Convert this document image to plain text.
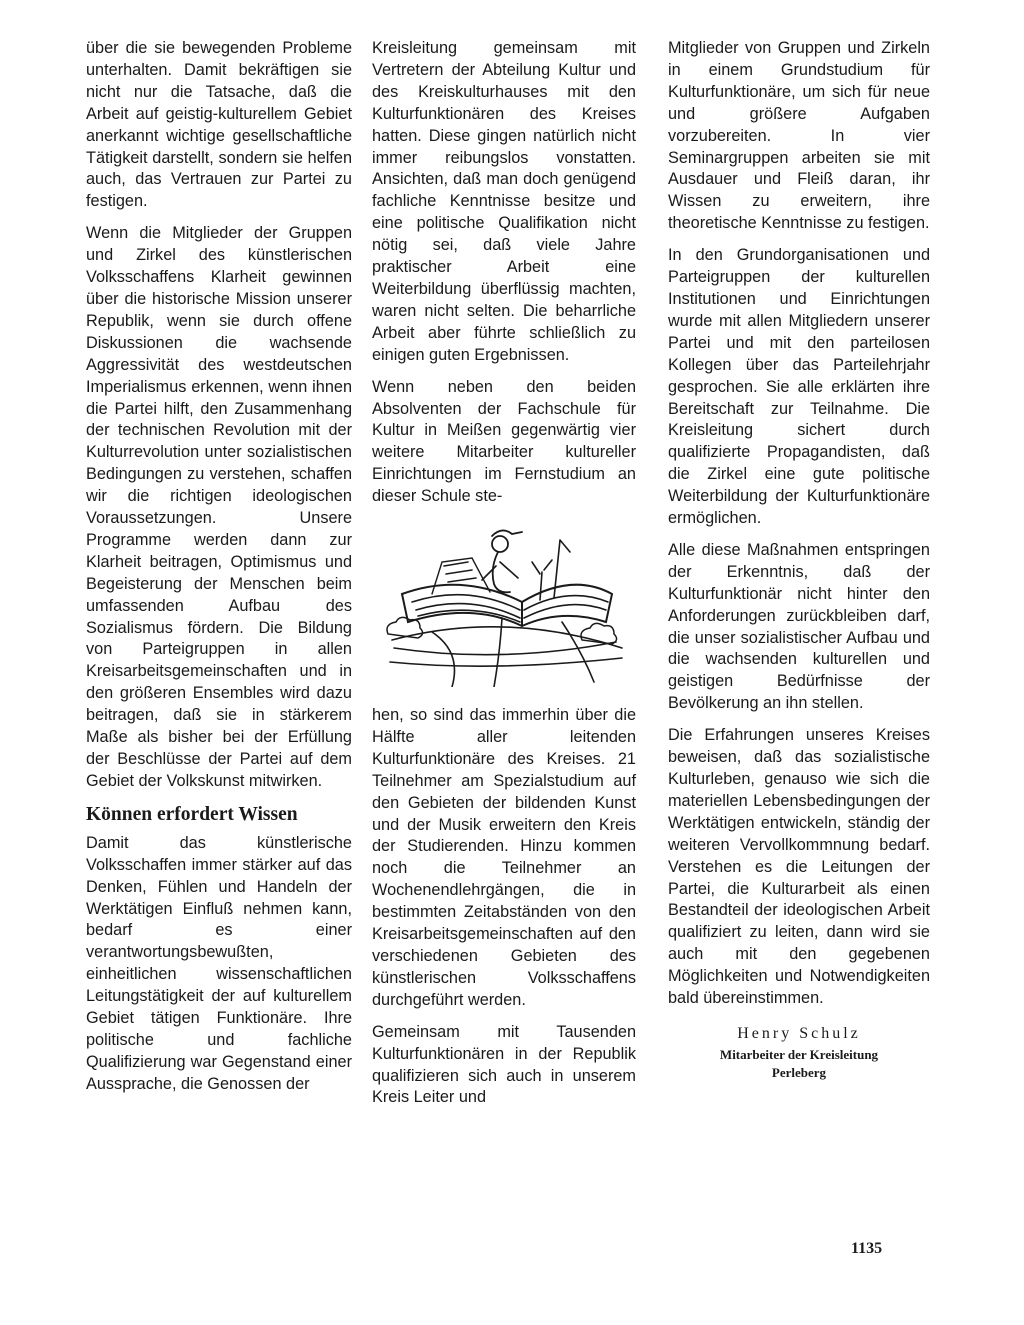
über die sie bewegenden Probleme unterhalten. Damit bekräftigen sie nicht nur die Tatsache, daß die Arbeit auf geistig-kulturellem Gebiet anerkannt wichtige gesellschaftliche Tätigkeit darstellt, sondern sie helfen auch, das Vertrauen zur Partei zu festigen.

Wenn die Mitglieder der Gruppen und Zirkel des künstlerischen Volksschaffens Klarheit gewinnen über die historische Mission unserer Republik, wenn sie durch offene Diskussionen die wachsende Aggressivität des westdeutschen Imperialismus erkennen, wenn ihnen die Partei hilft, den Zusammenhang der technischen Revolution mit der Kulturrevolution unter sozialistischen Bedingungen zu verstehen, schaffen wir die richtigen ideologischen Voraussetzungen. Unsere Programme werden dann zur Klarheit beitragen, Optimismus und Begeisterung der Menschen beim umfassenden Aufbau des Sozialismus fördern. Die Bildung von Parteigruppen in allen Kreisarbeitsgemeinschaften und in den größeren Ensembles wird dazu beitragen, daß sie in stärkerem Maße als bisher bei der Erfüllung der Beschlüsse der Partei auf dem Gebiet der Volkskunst mitwirken.

Können erfordert Wissen

Damit das künstlerische Volksschaffen immer stärker auf das Denken, Fühlen und Handeln der Werktätigen Einfluß nehmen kann, bedarf es einer verantwortungsbewußten, einheitlichen wissenschaftlichen Leitungstätigkeit der auf kulturellem Gebiet tätigen Funktionäre. Ihre politische und fachliche Qualifizierung war Gegenstand einer Aussprache, die Genossen der

Kreisleitung gemeinsam mit Vertretern der Abteilung Kultur und des Kreiskulturhauses mit den Kulturfunktionären des Kreises hatten. Diese gingen natürlich nicht immer reibungslos vonstatten. Ansichten, daß man doch genügend fachliche Kenntnisse besitze und eine politische Qualifikation nicht nötig sei, daß viele Jahre praktischer Arbeit eine Weiterbildung überflüssig machten, waren nicht selten. Die beharrliche Arbeit aber führte schließlich zu einigen guten Ergebnissen.

Wenn neben den beiden Absolventen der Fachschule für Kultur in Meißen gegenwärtig vier weitere Mitarbeiter kultureller Einrichtungen im Fernstudium an dieser Schule ste-

hen, so sind das immerhin über die Hälfte aller leitenden Kulturfunktionäre des Kreises. 21 Teilnehmer am Spezialstudium auf den Gebieten der bildenden Kunst und der Musik erweitern den Kreis der Studierenden. Hinzu kommen noch die Teilnehmer an Wochenendlehrgängen, die in bestimmten Zeitabständen von den Kreisarbeitsgemeinschaften auf den verschiedenen Gebieten des künstlerischen Volksschaffens durchgeführt werden.

Gemeinsam mit Tausenden Kulturfunktionären in der Republik qualifizieren sich auch in unserem Kreis Leiter und

Mitglieder von Gruppen und Zirkeln in einem Grundstudium für Kulturfunktionäre, um sich für neue und größere Aufgaben vorzubereiten. In vier Seminargruppen arbeiten sie mit Ausdauer und Fleiß daran, ihr Wissen zu erweitern, ihre theoretische Kenntnisse zu festigen.

In den Grundorganisationen und Parteigruppen der kulturellen Institutionen und Einrichtungen wurde mit allen Mitgliedern unserer Partei und mit den parteilosen Kollegen über das Parteilehrjahr gesprochen. Sie alle erklärten ihre Bereitschaft zur Teilnahme. Die Kreisleitung sichert durch qualifizierte Propagandisten, daß die Zirkel eine gute politische Weiterbildung der Kulturfunktionäre ermöglichen.

Alle diese Maßnahmen entspringen der Erkenntnis, daß der Kulturfunktionär nicht hinter den Anforderungen zurückbleiben darf, die unser sozialistischer Aufbau und die wachsenden kulturellen und geistigen Bedürfnisse der Bevölkerung an ihn stellen.

Die Erfahrungen unseres Kreises beweisen, daß das sozialistische Kulturleben, genauso wie sich die materiellen Lebensbedingungen der Werktätigen entwickeln, ständig der weiteren Vervollkommnung bedarf. Verstehen es die Leitungen der Partei, die Kulturarbeit als einen Bestandteil der ideologischen Arbeit qualifiziert zu leiten, dann wird sie auch mit den gegebenen Möglichkeiten und Notwendigkeiten bald übereinstimmen.

Henry Schulz
Mitarbeiter der Kreisleitung
Perleberg
1135
